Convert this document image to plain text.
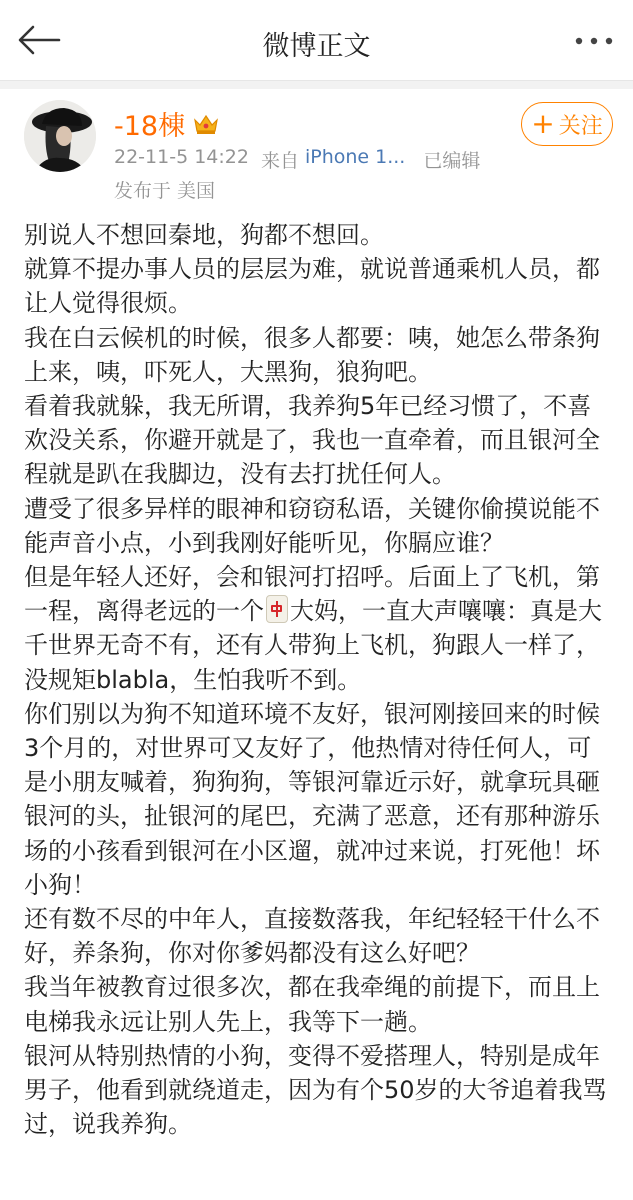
微博正文
-18棟
22-11-5 14:22 来自 iPhone 1... 已编辑
发布于 美国
+ 关注

别说人不想回秦地，狗都不想回。

就算不提办事人员的层层为难，就说普通乘机人员，都让人觉得很烦。

我在白云候机的时候，很多人都要：咦，她怎么带条狗上来，咦，吓死人，大黑狗，狼狗吧。

看着我就躲，我无所谓，我养狗5年已经习惯了，不喜欢没关系，你避开就是了，我也一直牵着，而且银河全程就是趴在我脚边，没有去打扰任何人。

遭受了很多异样的眼神和窃窃私语，关键你偷摸说能不能声音小点，小到我刚好能听见，你膈应谁？

但是年轻人还好，会和银河打招呼。后面上了飞机，第一程，离得老远的一个 大妈，一直大声嚷嚷：真是大千世界无奇不有，还有人带狗上飞机，狗跟人一样了，没规矩blabla，生怕我听不到。

你们别以为狗不知道环境不友好，银河刚接回来的时候3个月的，对世界可又友好了，他热情对待任何人，可是小朋友喊着，狗狗狗，等银河靠近示好，就拿玩具砸银河的头，扯银河的尾巴，充满了恶意，还有那种游乐场的小孩看到银河在小区遛，就冲过来说，打死他！坏小狗！

还有数不尽的中年人，直接数落我，年纪轻轻干什么不好，养条狗，你对你爹妈都没有这么好吧？

我当年被教育过很多次，都在我牵绳的前提下，而且上电梯我永远让别人先上，我等下一趟。

银河从特别热情的小狗，变得不爱搭理人，特别是成年男子，他看到就绕道走，因为有个50岁的大爷追着我骂过，说我养狗。
